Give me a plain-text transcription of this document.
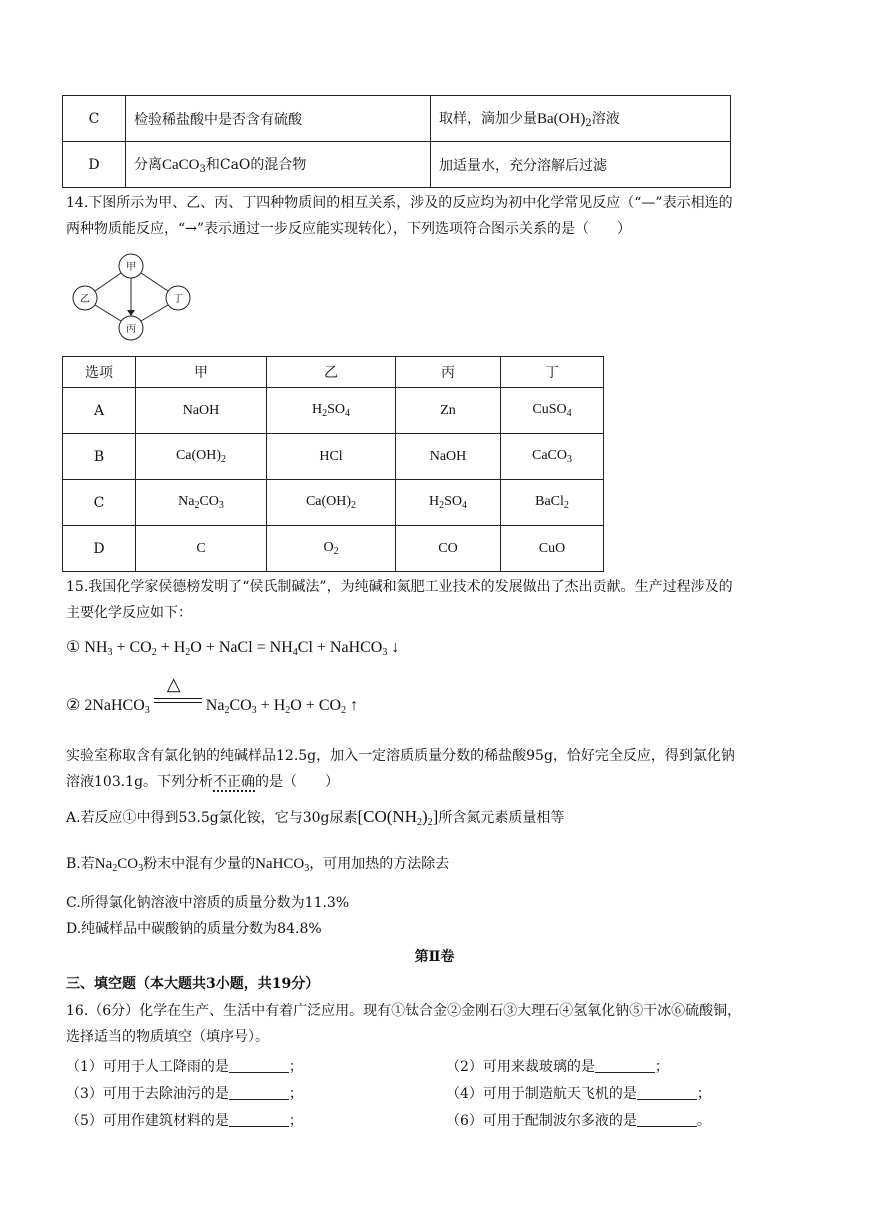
C	检验稀盐酸中是否含有硫酸	取样，滴加少量$Ba(OH)_2$溶液
D	分离CaCO$_3$和CaO的混合物	加适量水，充分溶解后过滤
14.下图所示为甲、乙、丙、丁四种物质间的相互关系，涉及的反应均为初中化学常见反应（“—”表示相连的
两种物质能反应，“→”表示通过一步反应能实现转化），下列选项符合图示关系的是（　　）
甲
乙	丁
丙
选项	甲	乙	丙	丁
A	NaOH	$H_2SO_4$	Zn	CuSO$_4$
B	$Ca(OH)_2$	HCl	NaOH	CaCO$_3$
C	$Na_2CO_3$	$Ca(OH)_2$	$H_2SO_4$	BaCl$_2$
D	C	$O_2$	CO	CuO
15.我国化学家侯德榜发明了“侯氏制碱法”，为纯碱和氮肥工业技术的发展做出了杰出贡献。生产过程涉及的
主要化学反应如下：
① $NH_3 + CO_2 + H_2O$ + NaCl = $NH_4Cl$ + NaHCO$_3$ ↓
② 2NaHCO$_3$
△
$Na_2CO_3 + H_2O + CO_2$ ↑
实验室称取含有氯化钠的纯碱样品12.5g，加入一定溶质质量分数的稀盐酸95g，恰好完全反应，得到氯化钠
溶液103.1g。下列分析不正确的是（　　）
A.若反应①中得到53.5g氯化铵，它与30g尿素$[CO(NH_2)_2]$所含氮元素质量相等
B.若$Na_2CO_3$粉末中混有少量的NaHCO$_3$，可用加热的方法除去
C.所得氯化钠溶液中溶质的质量分数为11.3%
D.纯碱样品中碳酸钠的质量分数为84.8%
第Ⅱ卷
三、填空题（本大题共3小题，共19分）
16.（6分）化学在生产、生活中有着广泛应用。现有①钛合金②金刚石③大理石④氢氧化钠⑤干冰⑥硫酸铜，
选择适当的物质填空（填序号）。
（1）可用于人工降雨的是	；	（2）可用来裁玻璃的是	；
（3）可用于去除油污的是	；	（4）可用于制造航天飞机的是	；
（5）可用作建筑材料的是	；	（6）可用于配制波尔多液的是	。
